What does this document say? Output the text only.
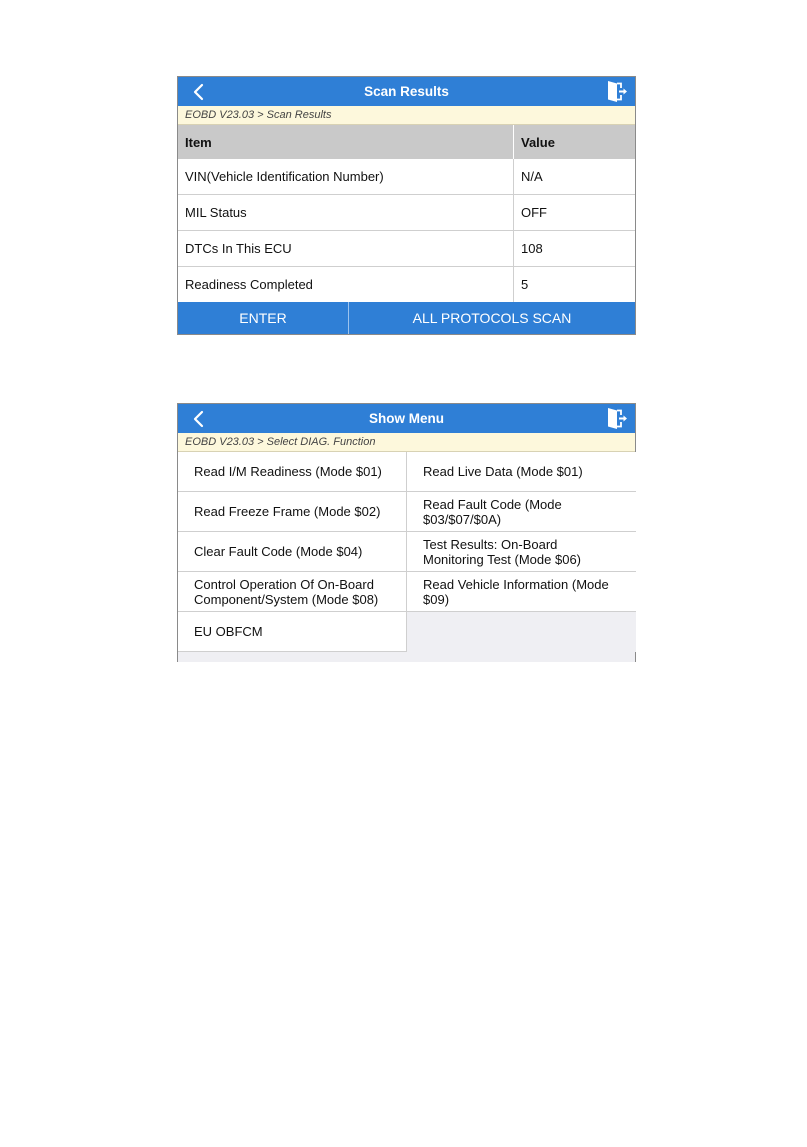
Scan Results
EOBD V23.03 > Scan Results
Item	Value
VIN(Vehicle Identification Number)	N/A
MIL Status	OFF
DTCs In This ECU	108
Readiness Completed	5
ENTER	ALL PROTOCOLS SCAN
Show Menu
EOBD V23.03 > Select DIAG. Function
Read I/M Readiness (Mode $01)	Read Live Data (Mode $01)
Read Freeze Frame (Mode $02)	Read Fault Code (Mode $03/$07/$0A)
Clear Fault Code (Mode $04)	Test Results: On-Board Monitoring Test (Mode $06)
Control Operation Of On-Board Component/System (Mode $08)
Read Vehicle Information (Mode $09)
EU OBFCM
